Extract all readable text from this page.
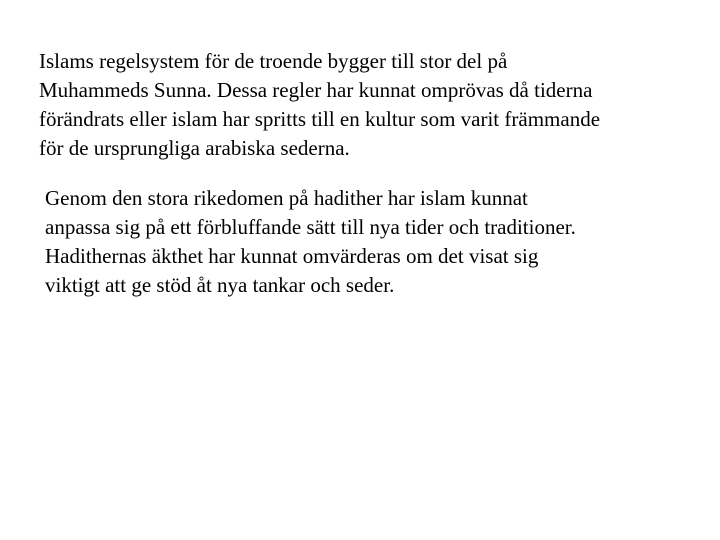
Islams regelsystem för de troende bygger till stor del på
Muhammeds Sunna. Dessa regler har kunnat omprövas då tiderna
förändrats eller islam har spritts till en kultur som varit främmande
för de ursprungliga arabiska sederna.

Genom den stora rikedomen på hadither har islam kunnat
anpassa sig på ett förbluffande sätt till nya tider och traditioner.
Hadithernas äkthet har kunnat omvärderas om det visat sig
viktigt att ge stöd åt nya tankar och seder.
